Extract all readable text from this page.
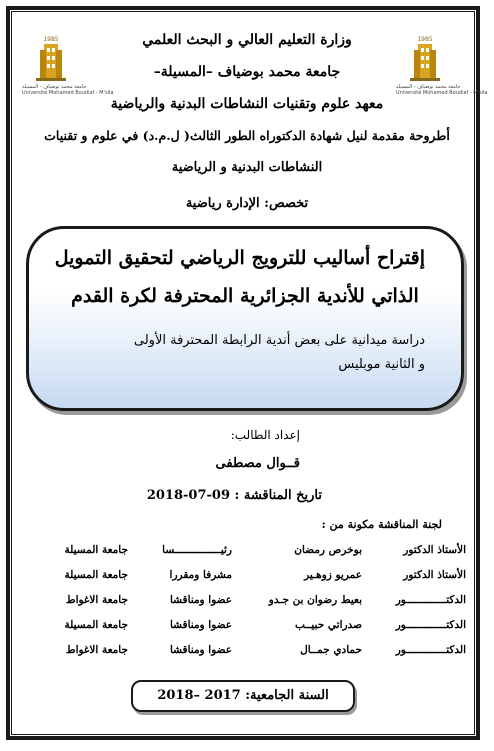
1985
جامعة محمد بوضياف - المسيلة
Université Mohamed Boudiaf - M'sila
1985
جامعة محمد بوضياف - المسيلة
Université Mohamed Boudiaf - M'sila
وزارة التعليم العالي و البحث العلمي
جامعة محمد بوضياف –المسيلة–
معهد علوم وتقنيات النشاطات البدنية والرياضية
أطروحة مقدمة لنيل شهادة الدكتوراه الطور الثالث( ل.م.د) في علوم و تقنيات
النشاطات البدنية و الرياضية
تخصص: الإدارة رياضية
إقتراح أساليب للترويج الرياضي لتحقيق التمويل
الذاتي للأندية الجزائرية المحترفة لكرة القدم
دراسة ميدانية على بعض أندية الرابطة المحترفة الأولى
و الثانية موبليس
إعداد الطالب:
قــوال مصطفى
تاريخ المناقشة : 09-07-2018
لجنة المناقشة مكونة من :
الأستاذ الدكتور
بوخرص رمضان
رئيـــــــــــــــسا
جامعة المسيلة
الأستاذ الدكتور
عمريو زوهـير
مشرفا ومقررا
جامعة المسيلة
الدكتـــــــــــــور
بعيط رضوان بن جـدو
عضوا ومناقشا
جامعة الاغواط
الدكتـــــــــــــور
صدراتي حبيــب
عضوا ومناقشا
جامعة المسيلة
الدكتـــــــــــــور
حمادي جمــال
عضوا ومناقشا
جامعة الاغواط
السنة الجامعية: 2017 –2018
